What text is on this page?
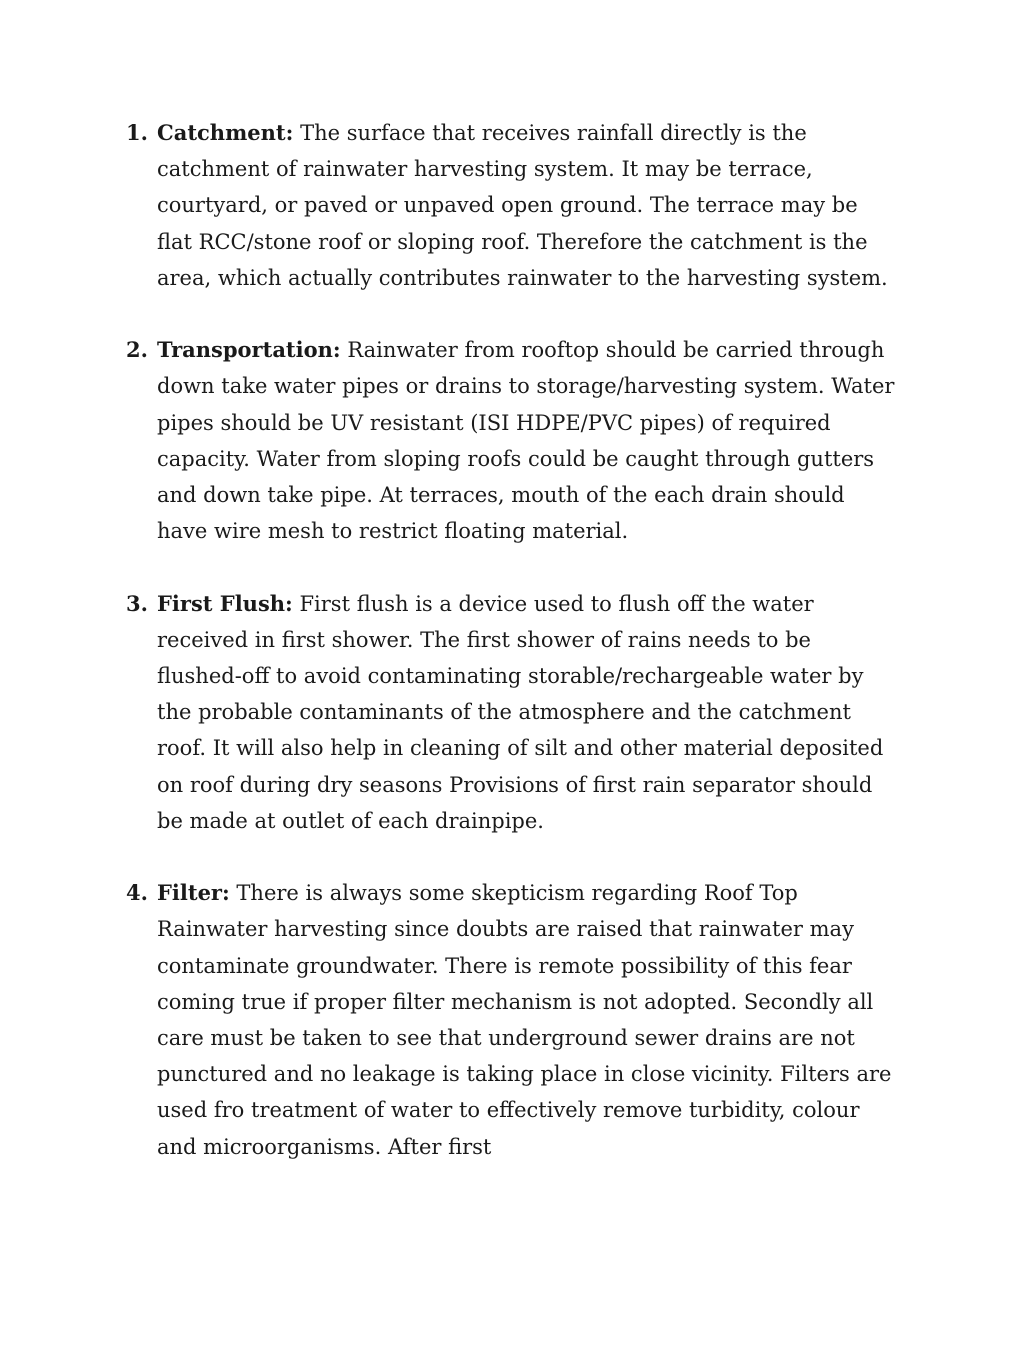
1. Catchment: The surface that receives rainfall directly is the catchment of rainwater harvesting system. It may be terrace, courtyard, or paved or unpaved open ground. The terrace may be flat RCC/stone roof or sloping roof. Therefore the catchment is the area, which actually contributes rainwater to the harvesting system.
2. Transportation: Rainwater from rooftop should be carried through down take water pipes or drains to storage/harvesting system. Water pipes should be UV resistant (ISI HDPE/PVC pipes) of required capacity. Water from sloping roofs could be caught through gutters and down take pipe. At terraces, mouth of the each drain should have wire mesh to restrict floating material.
3. First Flush: First flush is a device used to flush off the water received in first shower. The first shower of rains needs to be flushed-off to avoid contaminating storable/rechargeable water by the probable contaminants of the atmosphere and the catchment roof. It will also help in cleaning of silt and other material deposited on roof during dry seasons Provisions of first rain separator should be made at outlet of each drainpipe.
4. Filter: There is always some skepticism regarding Roof Top Rainwater harvesting since doubts are raised that rainwater may contaminate groundwater. There is remote possibility of this fear coming true if proper filter mechanism is not adopted. Secondly all care must be taken to see that underground sewer drains are not punctured and no leakage is taking place in close vicinity. Filters are used fro treatment of water to effectively remove turbidity, colour and microorganisms. After first
